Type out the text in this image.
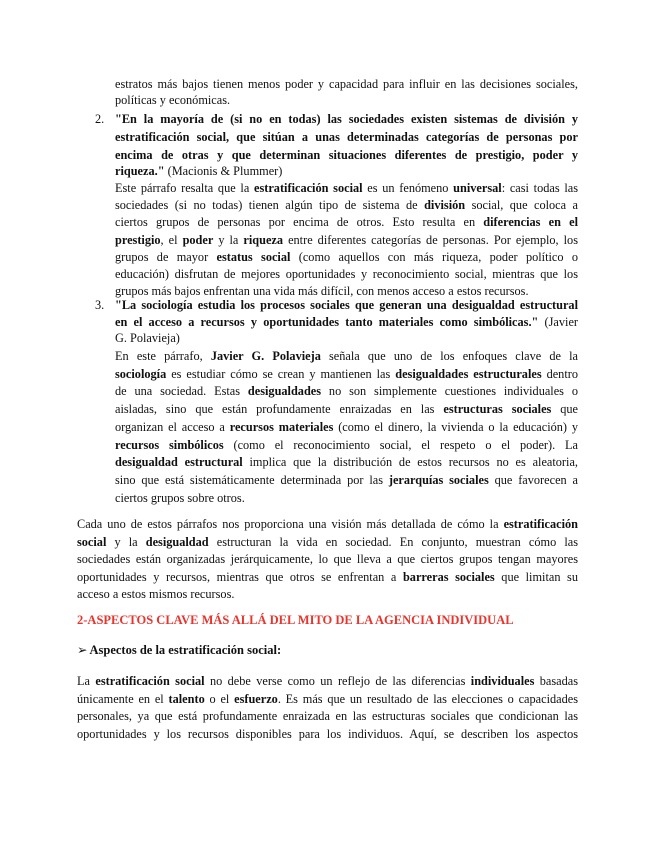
estratos más bajos tienen menos poder y capacidad para influir en las decisiones sociales,
políticas y económicas.
2. "En la mayoría de (si no en todas) las sociedades existen sistemas de división y
estratificación social, que sitúan a unas determinadas categorías de personas por
encima de otras y que determinan situaciones diferentes de prestigio, poder y
riqueza." (Macionis & Plummer)
Este párrafo resalta que la estratificación social es un fenómeno universal: casi todas las
sociedades (si no todas) tienen algún tipo de sistema de división social, que coloca a
ciertos grupos de personas por encima de otros. Esto resulta en diferencias en el
prestigio, el poder y la riqueza entre diferentes categorías de personas. Por ejemplo, los
grupos de mayor estatus social (como aquellos con más riqueza, poder político o
educación) disfrutan de mejores oportunidades y reconocimiento social, mientras que los
grupos más bajos enfrentan una vida más difícil, con menos acceso a estos recursos.
3. "La sociología estudia los procesos sociales que generan una desigualdad estructural
en el acceso a recursos y oportunidades tanto materiales como simbólicas." (Javier
G. Polavieja)
En este párrafo, Javier G. Polavieja señala que uno de los enfoques clave de la
sociología es estudiar cómo se crean y mantienen las desigualdades estructurales dentro
de una sociedad. Estas desigualdades no son simplemente cuestiones individuales o
aisladas, sino que están profundamente enraizadas en las estructuras sociales que
organizan el acceso a recursos materiales (como el dinero, la vivienda o la educación) y
recursos simbólicos (como el reconocimiento social, el respeto o el poder). La
desigualdad estructural implica que la distribución de estos recursos no es aleatoria,
sino que está sistemáticamente determinada por las jerarquías sociales que favorecen a
ciertos grupos sobre otros.
Cada uno de estos párrafos nos proporciona una visión más detallada de cómo la estratificación
social y la desigualdad estructuran la vida en sociedad. En conjunto, muestran cómo las
sociedades están organizadas jerárquicamente, lo que lleva a que ciertos grupos tengan mayores
oportunidades y recursos, mientras que otros se enfrentan a barreras sociales que limitan su
acceso a estos mismos recursos.
2-ASPECTOS CLAVE MÁS ALLÁ DEL MITO DE LA AGENCIA INDIVIDUAL
➢ Aspectos de la estratificación social:
La estratificación social no debe verse como un reflejo de las diferencias individuales basadas
únicamente en el talento o el esfuerzo. Es más que un resultado de las elecciones o capacidades
personales, ya que está profundamente enraizada en las estructuras sociales que condicionan las
oportunidades y los recursos disponibles para los individuos. Aquí, se describen los aspectos
